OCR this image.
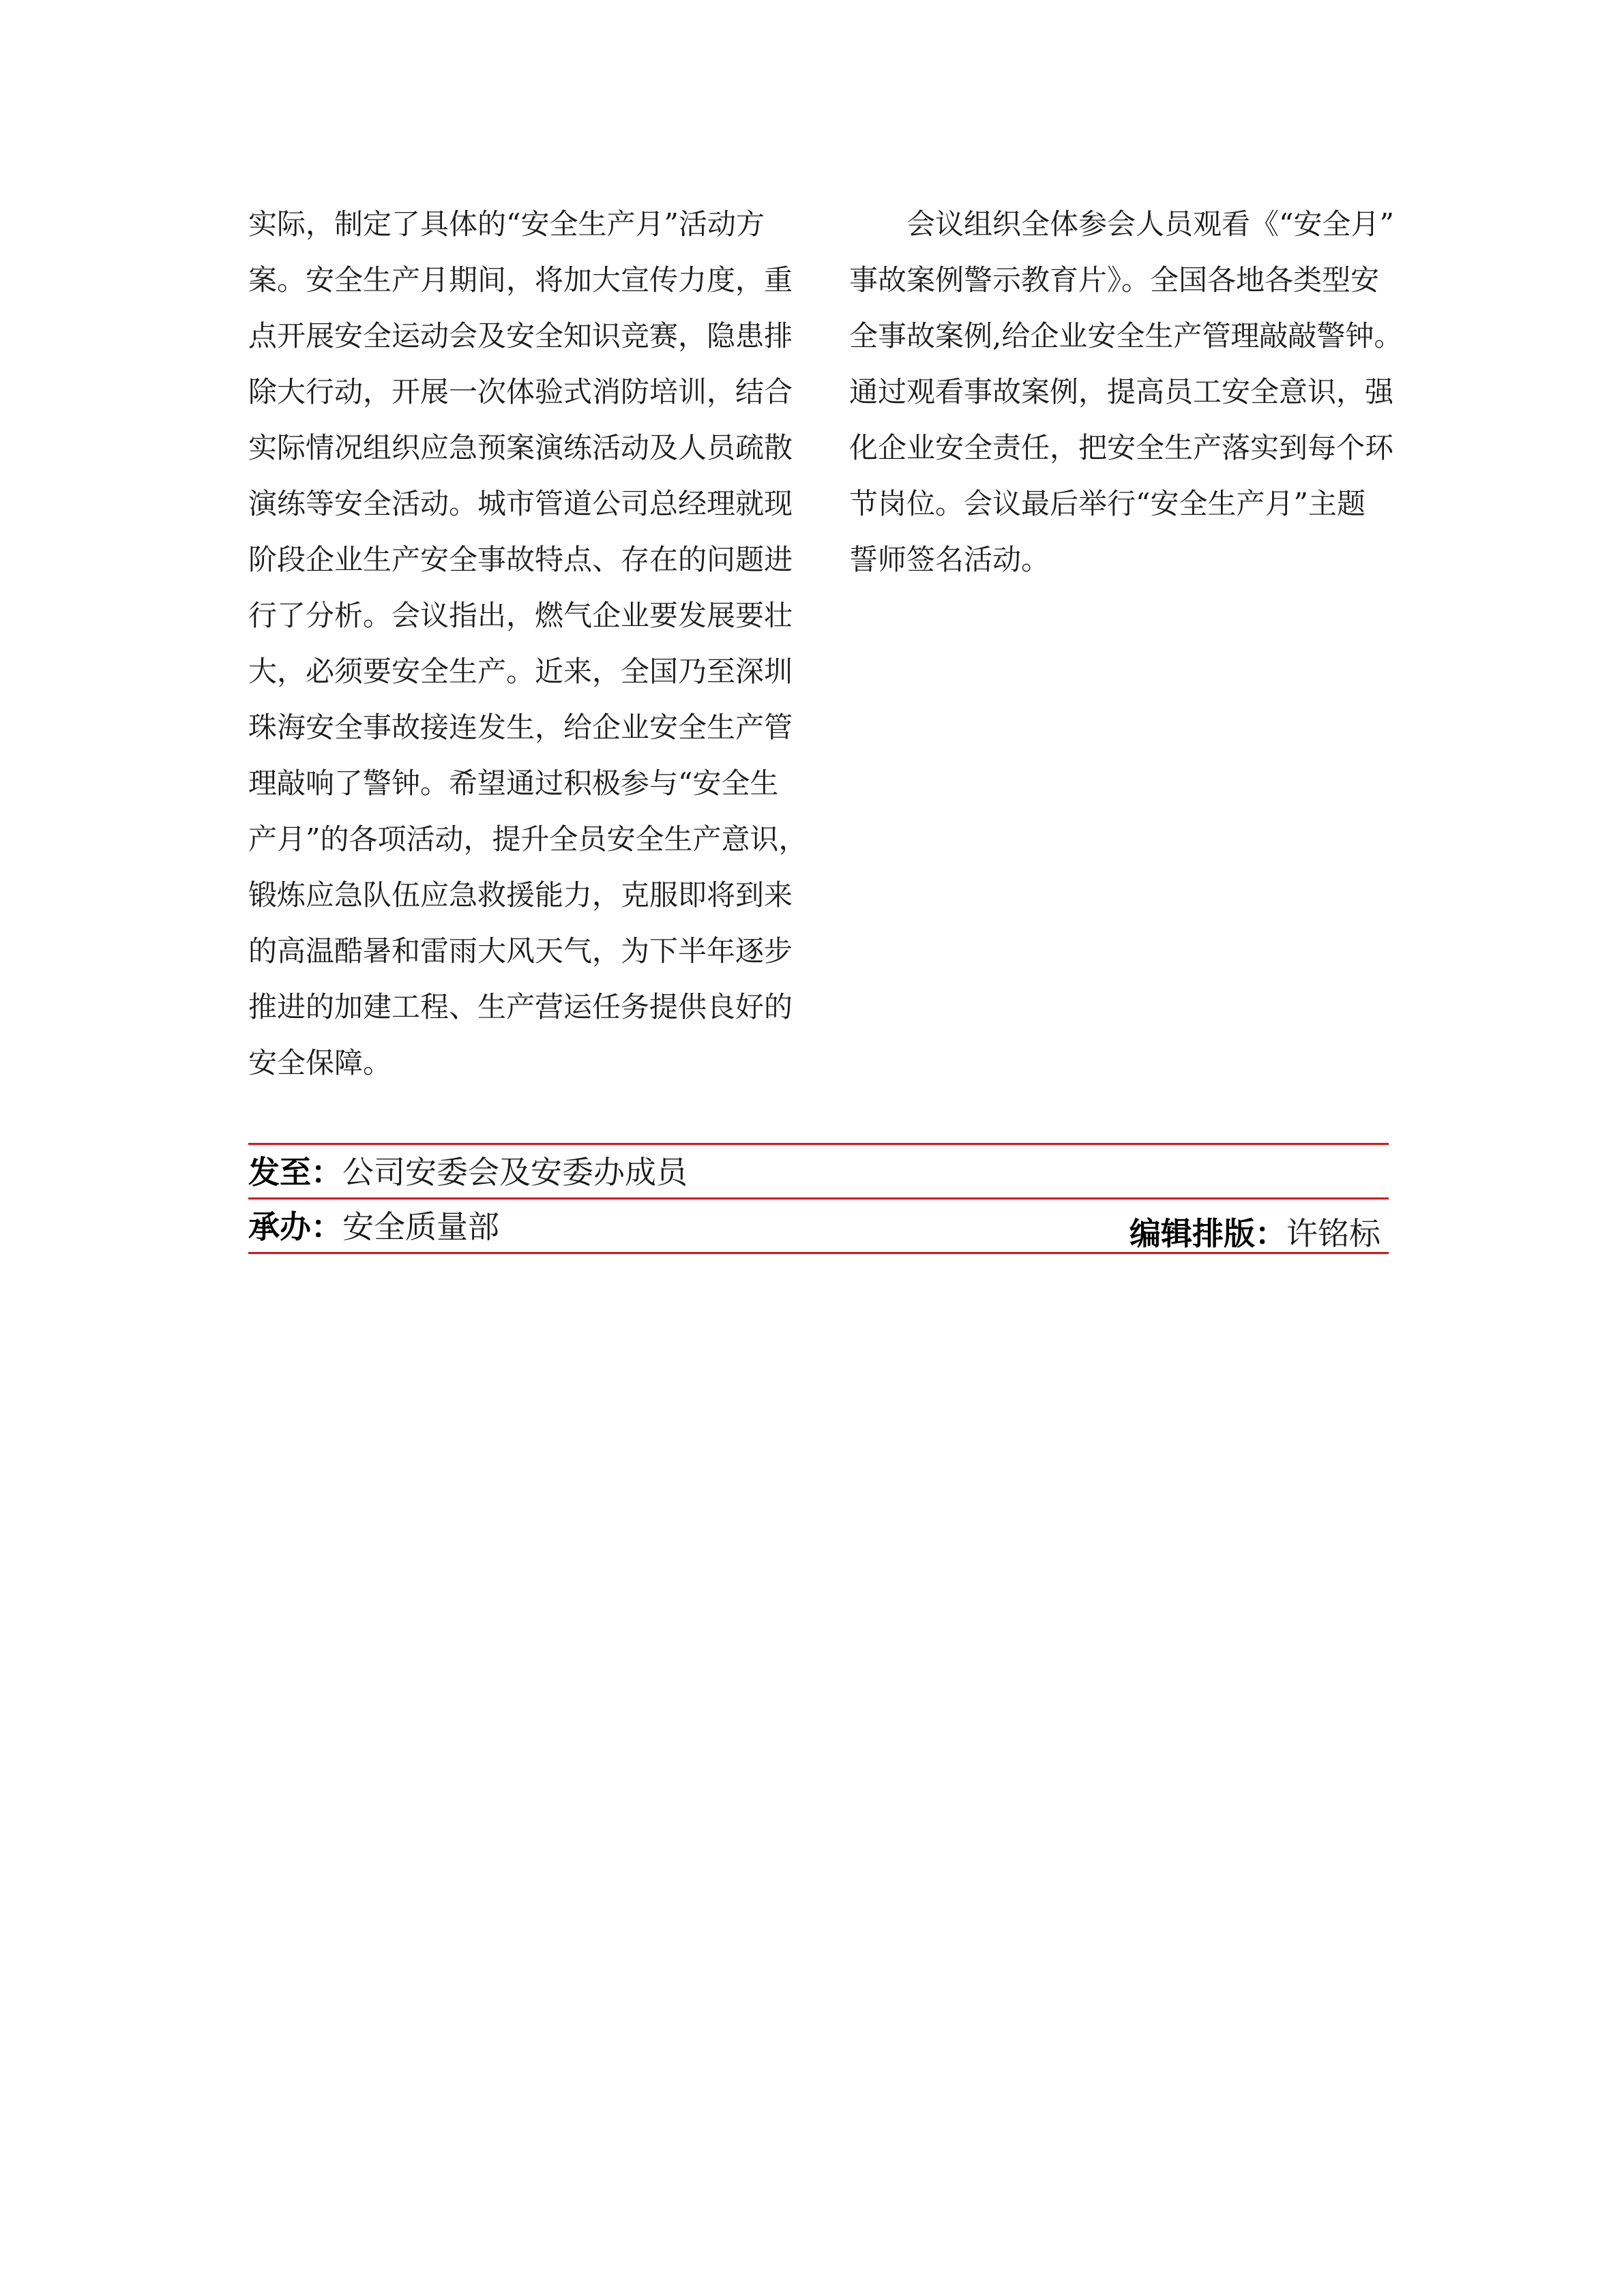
实际，制定了具体的“安全生产月”活动方
案。安全生产月期间，将加大宣传力度，重
点开展安全运动会及安全知识竞赛，隐患排
除大行动，开展一次体验式消防培训，结合
实际情况组织应急预案演练活动及人员疏散
演练等安全活动。城市管道公司总经理就现
阶段企业生产安全事故特点、存在的问题进
行了分析。会议指出，燃气企业要发展要壮
大，必须要安全生产。近来，全国乃至深圳
珠海安全事故接连发生，给企业安全生产管
理敲响了警钟。希望通过积极参与“安全生
产月”的各项活动，提升全员安全生产意识，
锻炼应急队伍应急救援能力，克服即将到来
的高温酷暑和雷雨大风天气，为下半年逐步
推进的加建工程、生产营运任务提供良好的
安全保障。
　　会议组织全体参会人员观看《“安全月”
事故案例警示教育片》。全国各地各类型安
全事故案例,给企业安全生产管理敲敲警钟。
通过观看事故案例，提高员工安全意识，强
化企业安全责任，把安全生产落实到每个环
节岗位。会议最后举行“安全生产月”主题
誓师签名活动。
发至：公司安委会及安委办成员
承办：安全质量部	编辑排版：许铭标
